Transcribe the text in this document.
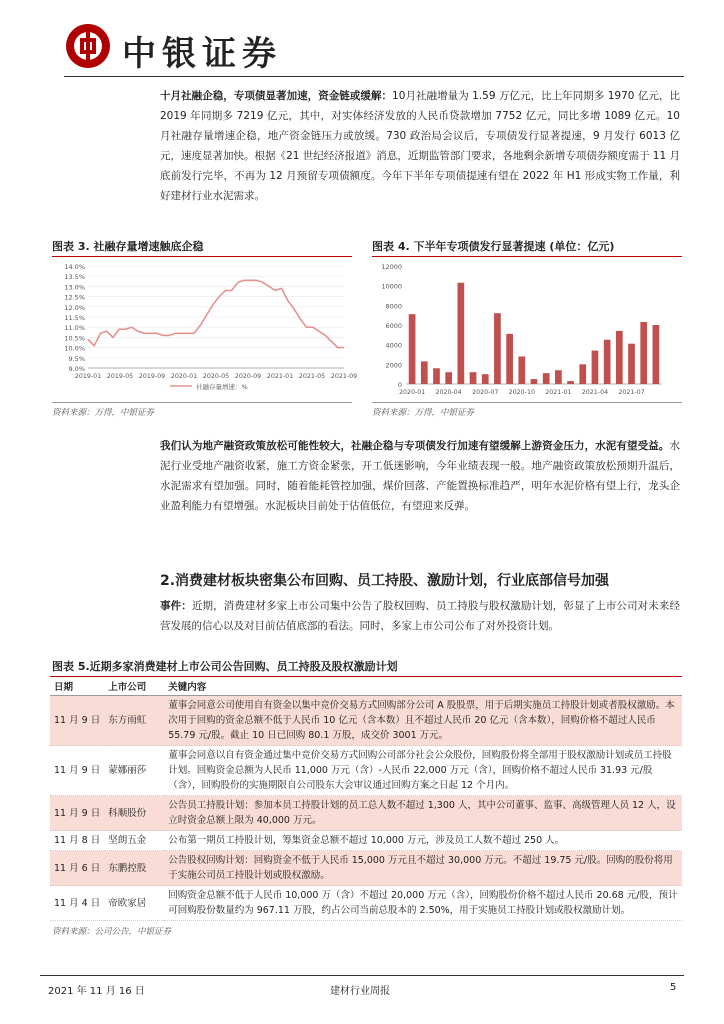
中银证券
十月社融企稳，专项债显著加速，资金链或缓解：10月社融增量为 1.59 万亿元，比上年同期多 1970 亿元，比 2019 年同期多 7219 亿元，其中，对实体经济发放的人民币贷款增加 7752 亿元，同比多增 1089 亿元。10 月社融存量增速企稳，地产资金链压力或放缓。730 政治局会议后，专项债发行显著提速，9 月发行 6013 亿元，速度显著加快。根据《21 世纪经济报道》消息，近期监管部门要求，各地剩余新增专项债券额度需于 11 月底前发行完毕，不再为 12 月预留专项债额度。今年下半年专项债提速有望在 2022 年 H1 形成实物工作量，利好建材行业水泥需求。
图表 3. 社融存量增速触底企稳
9.0%
9.5%
10.0%
10.5%
11.0%
11.5%
12.0%
12.5%
13.0%
13.5%
14.0%
2019-01 2019-05 2019-09 2020-01 2020-05 2020-09 2021-01 2021-05 2021-09
社融存量增速：%
资料来源：万得，中银证券
图表 4. 下半年专项债发行显著提速 (单位：亿元)
0
2000
4000
6000
8000
10000
12000
2020-01 2020-04 2020-07 2020-10 2021-01 2021-04 2021-07
资料来源：万得，中银证券
我们认为地产融资政策放松可能性较大，社融企稳与专项债发行加速有望缓解上游资金压力，水泥有望受益。水泥行业受地产融资收紧，施工方资金紧张，开工低迷影响，今年业绩表现一般。地产融资政策放松预期升温后，水泥需求有望加强。同时，随着能耗管控加强，煤价回落、产能置换标准趋严，明年水泥价格有望上行，龙头企业盈利能力有望增强。水泥板块目前处于估值低位，有望迎来反弹。
2.消费建材板块密集公布回购、员工持股、激励计划，行业底部信号加强
事件：近期，消费建材多家上市公司集中公告了股权回购、员工持股与股权激励计划，彰显了上市公司对未来经营发展的信心以及对目前估值底部的看法。同时，多家上市公司公布了对外投资计划。
图表 5.近期多家消费建材上市公司公告回购、员工持股及股权激励计划
日期	上市公司	关键内容
11 月 9 日	东方雨虹	董事会同意公司使用自有资金以集中竞价交易方式回购部分公司 A 股股票，用于后期实施员工持股计划或者股权激励。本次用于回购的资金总额不低于人民币 10 亿元（含本数）且不超过人民币 20 亿元（含本数），回购价格不超过人民币 55.79 元/股。截止 10 日已回购 80.1 万股，成交价 3001 万元。
11 月 9 日	蒙娜丽莎	董事会同意以自有资金通过集中竞价交易方式回购公司部分社会公众股份，回购股份将全部用于股权激励计划或员工持股计划。回购资金总额为人民币 11,000 万元（含）-人民币 22,000 万元（含），回购价格不超过人民币 31.93 元/股（含），回购股份的实施期限自公司股东大会审议通过回购方案之日起 12 个月内。
11 月 9 日	科顺股份	公告员工持股计划：参加本员工持股计划的员工总人数不超过 1,300 人，其中公司董事、监事、高级管理人员 12 人，设立时资金总额上限为 40,000 万元。
11 月 8 日	坚朗五金	公布第一期员工持股计划，筹集资金总额不超过 10,000 万元，涉及员工人数不超过 250 人。
11 月 6 日	东鹏控股	公告股权回购计划：回购资金不低于人民币 15,000 万元且不超过 30,000 万元。不超过 19.75 元/股。回购的股份将用于实施公司员工持股计划或股权激励。
11 月 4 日	帝欧家居	回购资金总额不低于人民币 10,000 万（含）不超过 20,000 万元（含），回购股份价格不超过人民币 20.68 元/股，预计可回购股份数量约为 967.11 万股，约占公司当前总股本的 2.50%，用于实施员工持股计划或股权激励计划。
资料来源：公司公告，中银证券
2021 年 11 月 16 日	建材行业周报	5
